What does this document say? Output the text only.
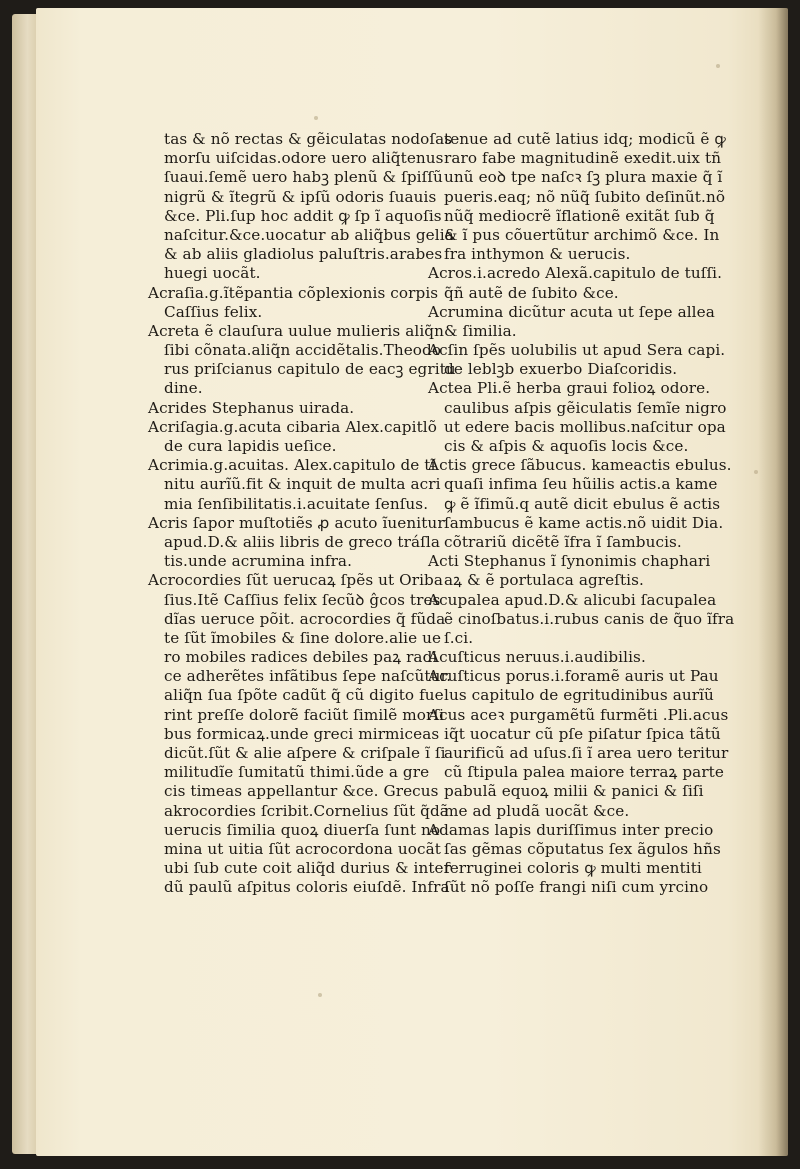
tas & nõ rectas & gẽiculatas nodoſas
morſu uiſcidas.odore uero aliq̃tenus
ſuaui.ſemẽ uero habꝫ plenũ & ſpiſſũ
nigrũ & ĩtegrũ & ipſũ odoris ſuauis
&ce. Pli.ſup hoc addit ꝙ ſp ĩ aquoſis
naſcitur.&ce.uocatur ab aliq̃bus gelia
& ab aliis gladiolus paluſtris.arabes
huegi uocãt.
Acraſia.g.ĩtẽpantia cõplexionis corpis
Caſſius felix.
Acreta ẽ clauſura uulue mulieris aliq̃n
ſibi cõnata.aliq̃n accidẽtalis.Theodo
rus priſcianus capitulo de eacꝫ egritu
dine.
Acrides Stephanus uirada.
Acriſagia.g.acuta cibaria Alex.capitlõ
de cura lapidis ueſice.
Acrimia.g.acuitas. Alex.capitulo de tĩ
nitu aurĩũ.fit & inquit de multa acri
mia ſenſibilitatis.i.acuitate ſenſus.
Acris ſapor muſtotiẽs ꝓ acuto ĩuenitur
apud.D.& aliis libris de greco tráſla
tis.unde acrumina infra.
Acrocordies ſũt uerucaꝝ ſpẽs ut Oriba
ſius.Itẽ Caſſius felix ſecũꝺ ĝcos tres
dĩas ueruce põit. acrocordies q̃ fũda
te ſũt ĩmobiles & ſine dolore.alie ue
ro mobiles radices debiles paꝝ radi
ce adherẽtes infãtibus ſepe naſcũtur.
aliq̃n ſua ſpõte cadũt q̃ cũ digito fue
rint preſſe dolorẽ faciũt ſimilẽ morſi
bus formicaꝝ.unde greci mirmiceas
dicũt.ſũt & alie aſpere & criſpale ĩ ſi
militudĩe ſumitatũ thimi.ũde a gre
cis timeas appellantur &ce. Grecus
akrocordies ſcribit.Cornelius ſũt q̃dã
uerucis ſimilia quoꝝ diuerſa ſunt no
mina ut uitia ſũt acrocordona uocãt
ubi ſub cute coit aliq̃d durius & inter
dũ paulũ aſpitus coloris eiuſdẽ. Infra
tenue ad cutẽ latius idq; modicũ ẽ ꝙ
raro fabe magnitudinẽ exedit.uix tñ
unũ eoꝺ tpe naſcꝛ ſꝫ plura maxie q̃ ĩ
pueris.eaq; nõ nũq̃ ſubito deſinũt.nõ
nũq̃ mediocrẽ ĩflationẽ exitãt ſub q̃
& ĩ pus cõuertũtur archimõ &ce. In
fra inthymon & uerucis.
Acros.i.acredo Alexã.capitulo de tuſſi.
q̃ñ autẽ de ſubito &ce.
Acrumina dicũtur acuta ut ſepe allea
& ſimilia.
Acſin ſpẽs uolubilis ut apud Sera capi.
de leblꝫb exuerbo Diaſcoridis.
Actea Pli.ẽ herba graui folioꝝ odore.
caulibus aſpis gẽiculatis ſemĩe nigro
ut edere bacis mollibus.naſcitur opa
cis & aſpis & aquoſis locis &ce.
Actis grece ſãbucus. kameactis ebulus.
quaſi infima ſeu hũilis actis.a kame
ꝙ ẽ ĩfimũ.q autẽ dicit ebulus ẽ actis
ſambucus ẽ kame actis.nõ uidit Dia.
cõtrariũ dicẽtẽ ĩfra ĩ ſambucis.
Acti Stephanus ĩ ſynonimis chaphari
aꝝ & ẽ portulaca agreſtis.
Acupalea apud.D.& alicubi ſacupalea
ẽ cinoſbatus.i.rubus canis de q̃uo ĩfra
ſ.ci.
Acuſticus neruus.i.audibilis.
Acuſticus porus.i.foramẽ auris ut Pau
lus capitulo de egritudinibus aurĩũ
Acus aceꝛ purgamẽtũ furmẽti .Pli.acus
iq̃t uocatur cũ pſe piſatur ſpica tãtũ
aurificũ ad uſus.ſi ĩ area uero teritur
cũ ſtipula palea maiore terraꝝ parte
pabulã equoꝝ milii & panici & ſiſi
me ad pludã uocãt &ce.
Adamas lapis duriſſimus inter precio
ſas gẽmas cõputatus ſex ãgulos hñs
ferruginei coloris ꝙ multi mentiti
ſũt nõ poſſe frangi niſi cum yrcino
